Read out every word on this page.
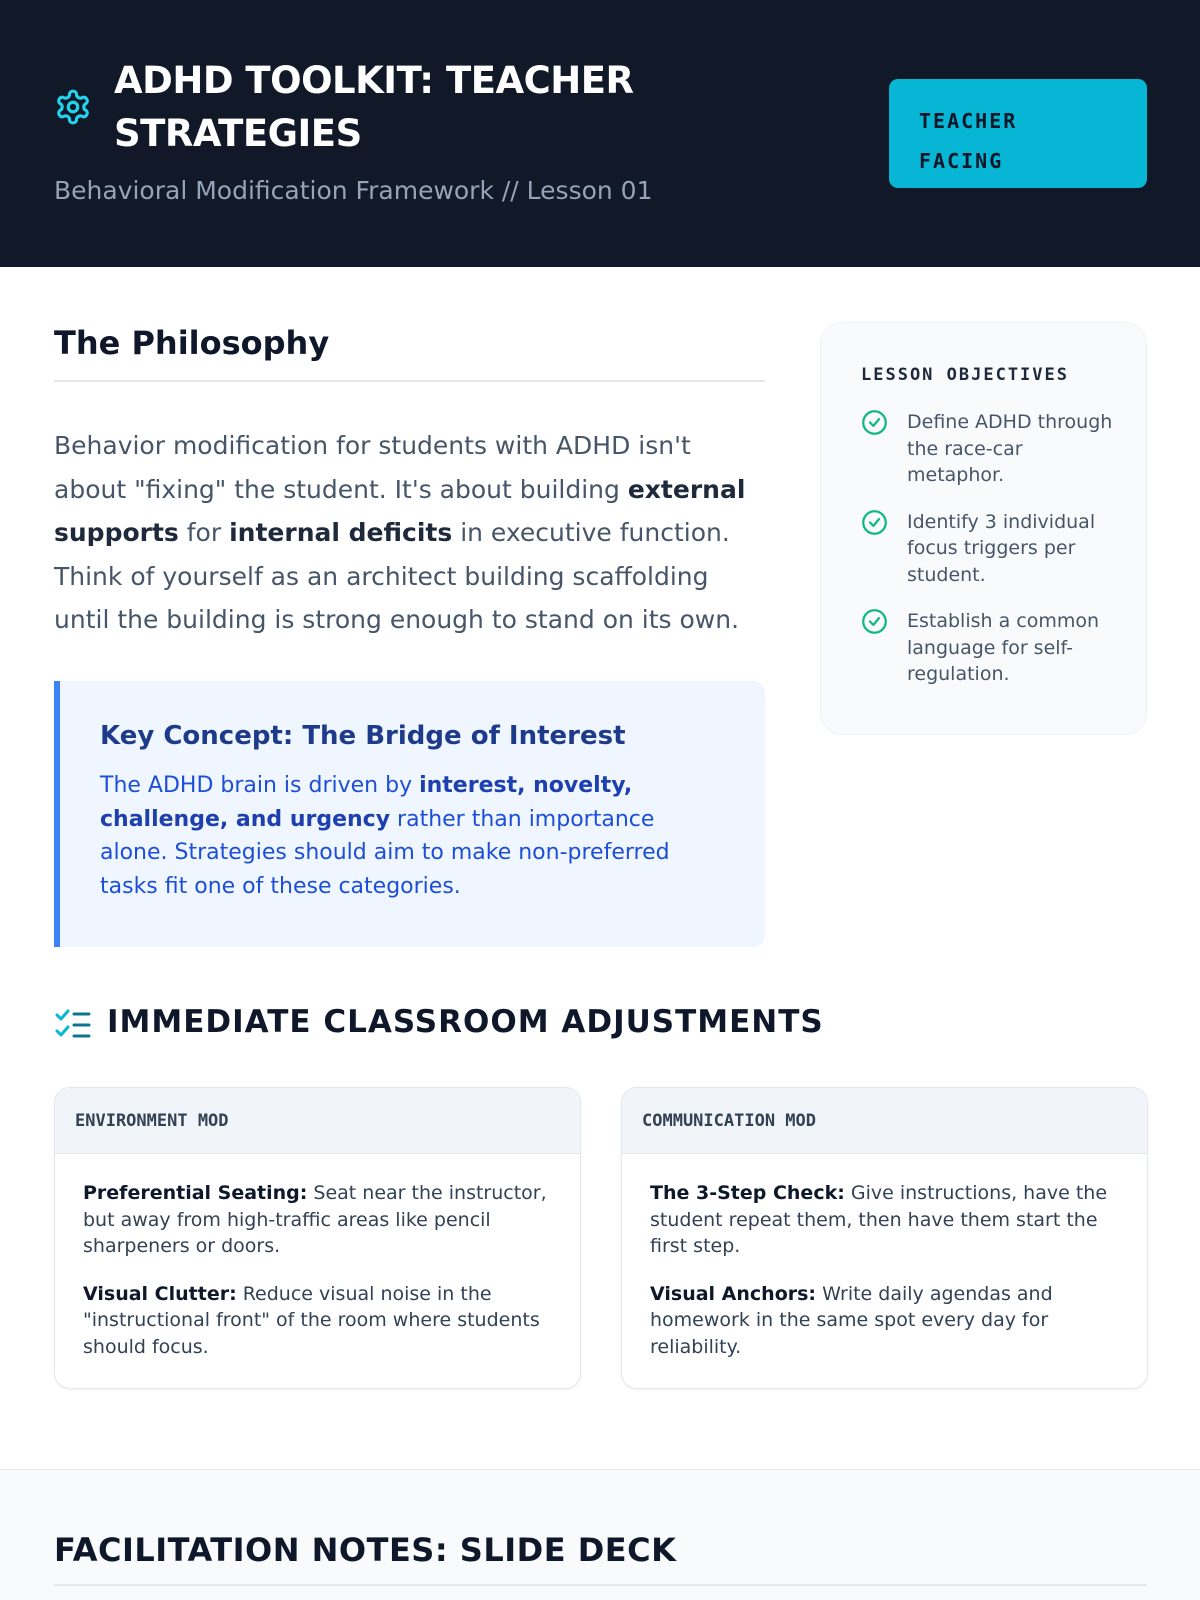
ADHD TOOLKIT: TEACHER STRATEGIES
Behavioral Modification Framework // Lesson 01
TEACHER
FACING
The Philosophy

Behavior modification for students with ADHD isn't about "fixing" the student. It's about building external supports for internal deficits in executive function. Think of yourself as an architect building scaffolding until the building is strong enough to stand on its own.

Key Concept: The Bridge of Interest

The ADHD brain is driven by interest, novelty, challenge, and urgency rather than importance alone. Strategies should aim to make non-preferred tasks fit one of these categories.

LESSON OBJECTIVES
Define ADHD through the race-car metaphor.
Identify 3 individual focus triggers per student.
Establish a common language for self-regulation.
IMMEDIATE CLASSROOM ADJUSTMENTS
ENVIRONMENT MOD

Preferential Seating: Seat near the instructor, but away from high-traffic areas like pencil sharpeners or doors.

Visual Clutter: Reduce visual noise in the "instructional front" of the room where students should focus.

COMMUNICATION MOD

The 3-Step Check: Give instructions, have the student repeat them, then have them start the first step.

Visual Anchors: Write daily agendas and homework in the same spot every day for reliability.

FACILITATION NOTES: SLIDE DECK
